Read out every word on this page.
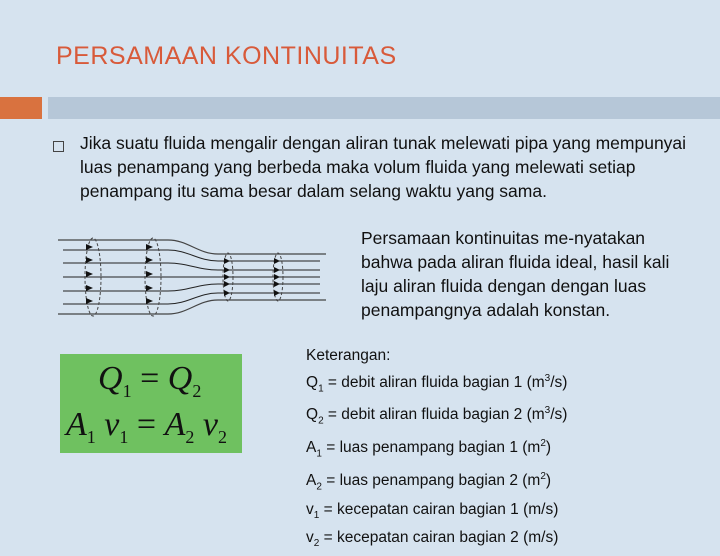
PERSAMAAN KONTINUITAS
Jika suatu fluida mengalir dengan aliran tunak melewati pipa yang mempunyai luas penampang yang berbeda maka volum fluida yang melewati setiap penampang itu sama besar dalam selang waktu yang sama.
Persamaan kontinuitas me-nyatakan bahwa pada aliran fluida ideal, hasil kali laju aliran fluida dengan dengan luas penampangnya adalah konstan.
$Q_1 = Q_2$
$A_1$ $v_1 = A_2$ $v_2$
Keterangan:
$Q_1$ = debit aliran fluida bagian 1 $(m^3/s)$
$Q_2$ = debit aliran fluida bagian 2 $(m^3/s)$
$A_1$ = luas penampang bagian 1 $(m^2)$
$A_2$ = luas penampang bagian 2 $(m^2)$
$v_1$ = kecepatan cairan bagian 1 (m/s)
$v_2$ = kecepatan cairan bagian 2 (m/s)
